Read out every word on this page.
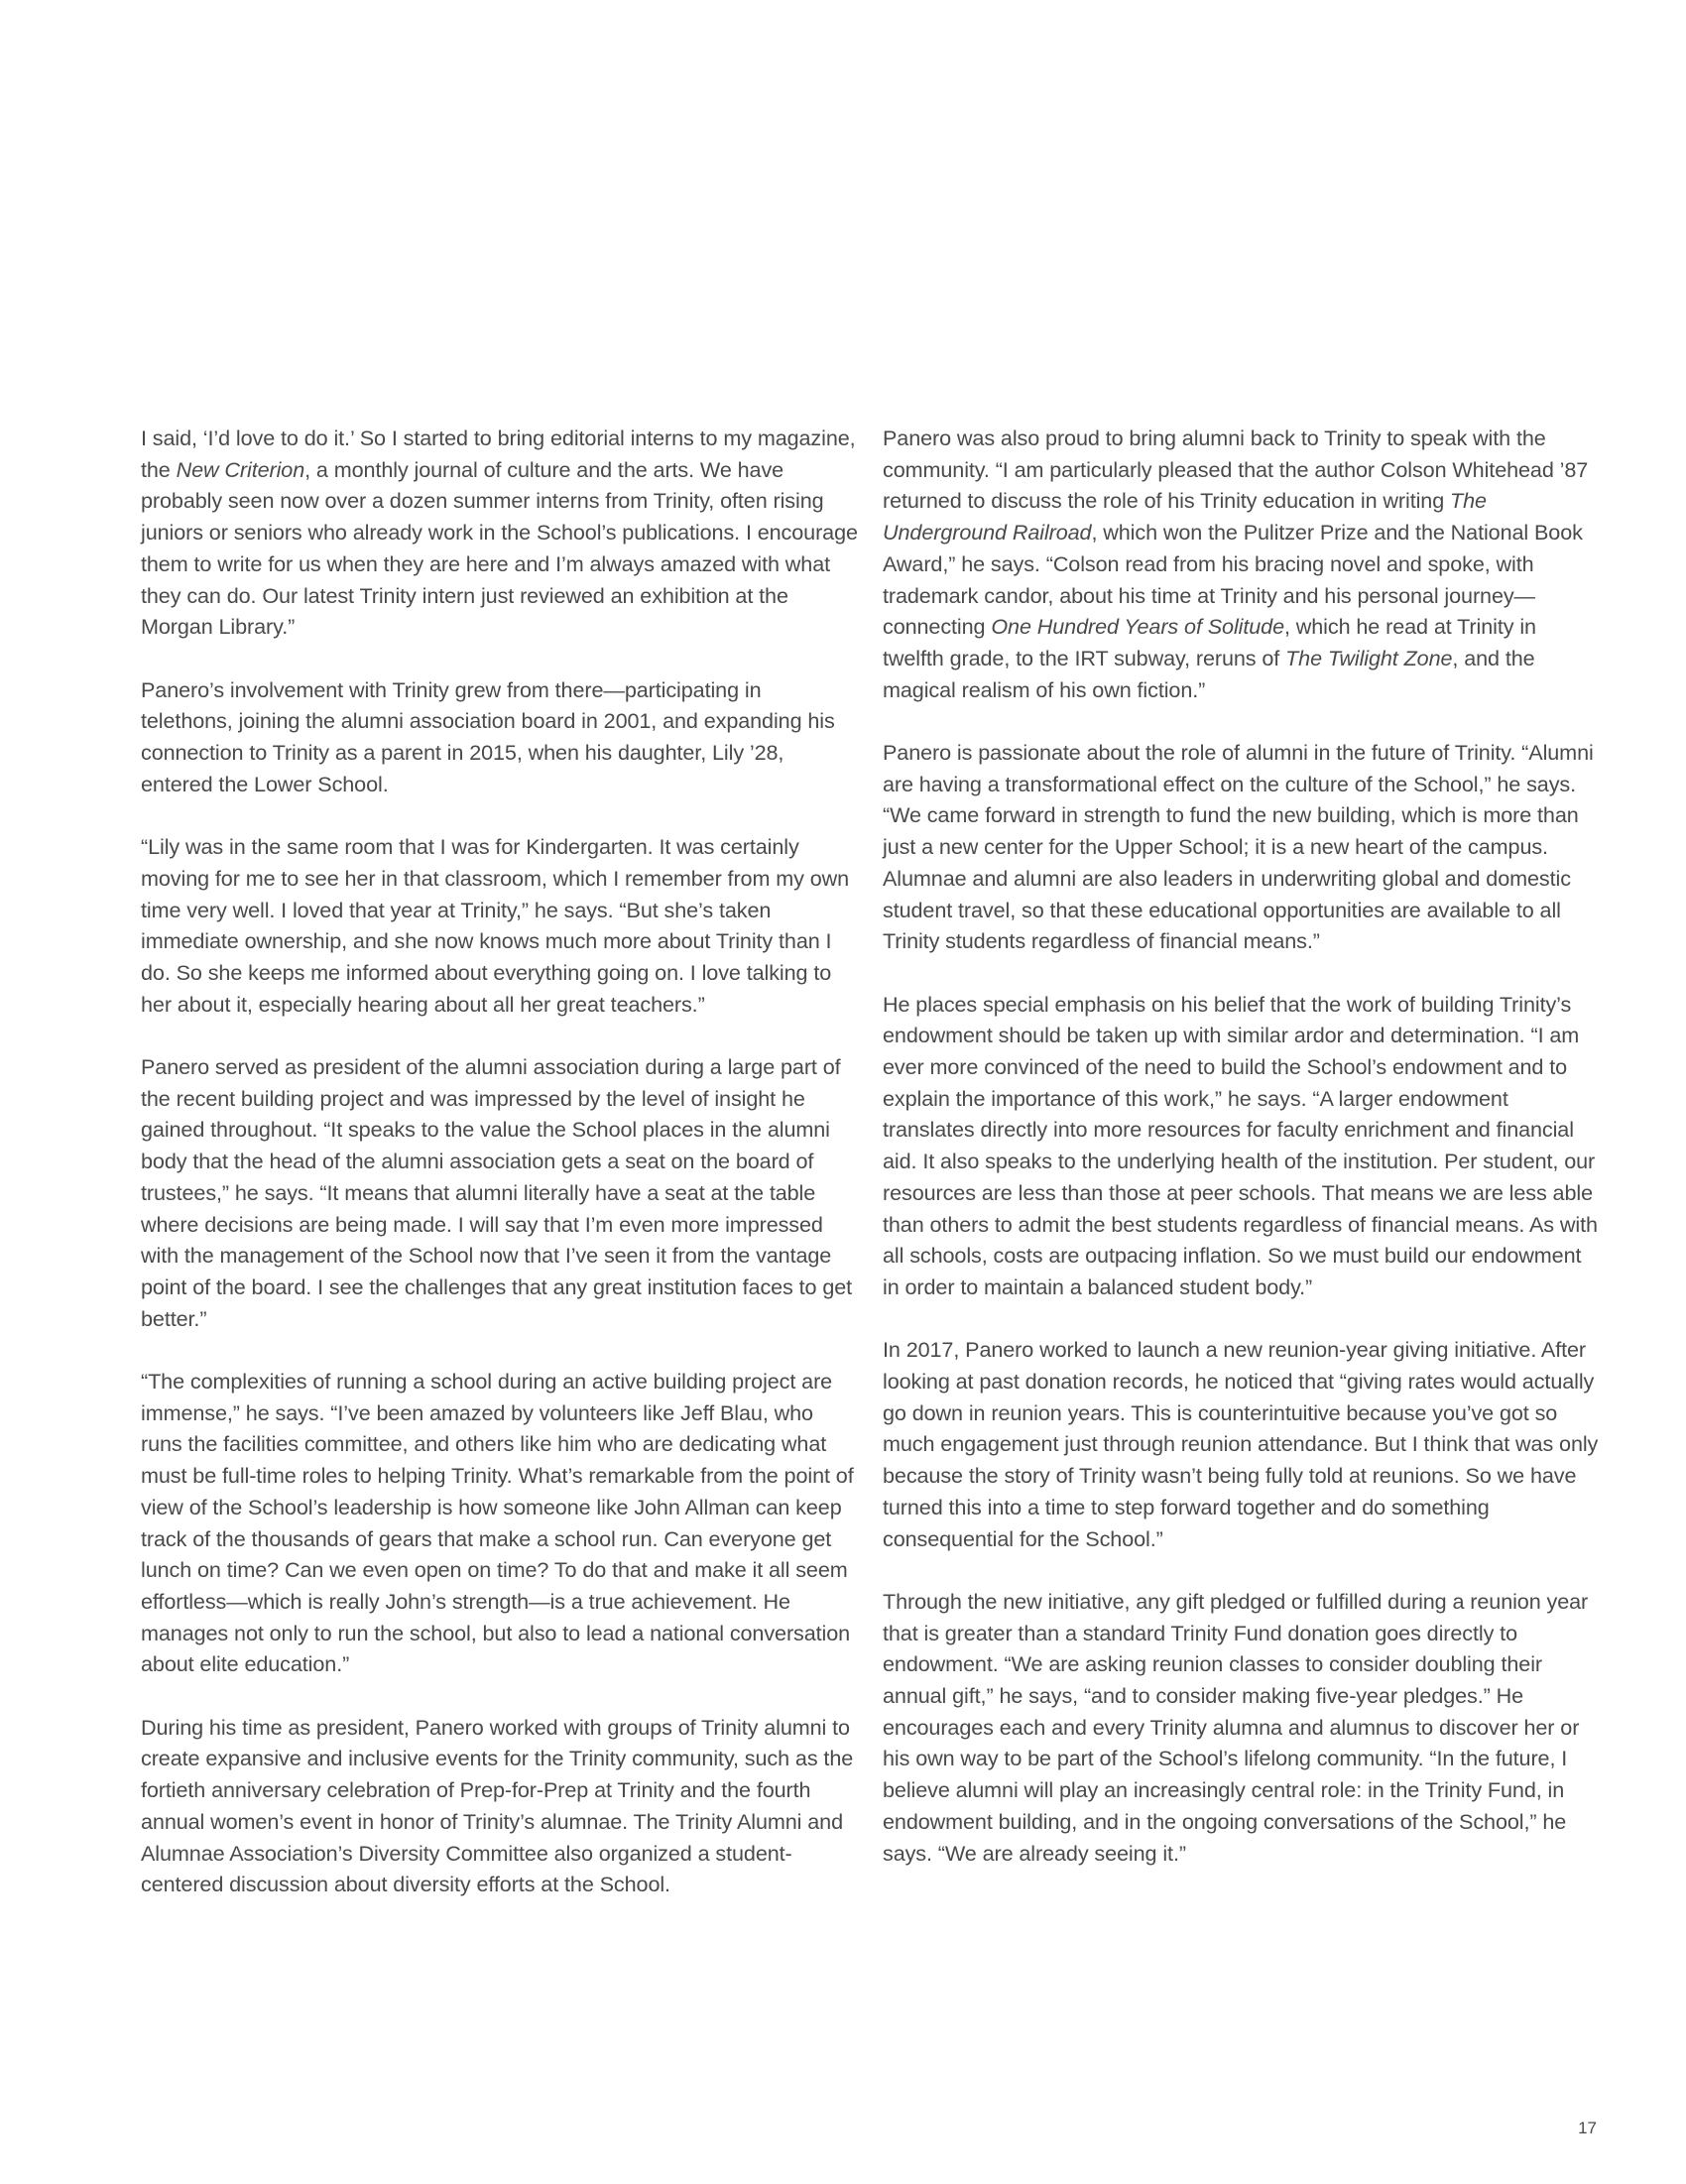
I said, ‘I’d love to do it.’ So I started to bring editorial interns to my magazine, the New Criterion, a monthly journal of culture and the arts. We have probably seen now over a dozen summer interns from Trinity, often rising juniors or seniors who already work in the School’s publications. I encourage them to write for us when they are here and I’m always amazed with what they can do. Our latest Trinity intern just reviewed an exhibition at the Morgan Library.”

Panero’s involvement with Trinity grew from there—participating in telethons, joining the alumni association board in 2001, and expanding his connection to Trinity as a parent in 2015, when his daughter, Lily ’28, entered the Lower School.

“Lily was in the same room that I was for Kindergarten. It was certainly moving for me to see her in that classroom, which I remember from my own time very well. I loved that year at Trinity,” he says. “But she’s taken immediate ownership, and she now knows much more about Trinity than I do. So she keeps me informed about everything going on. I love talking to her about it, especially hearing about all her great teachers.”

Panero served as president of the alumni association during a large part of the recent building project and was impressed by the level of insight he gained throughout. “It speaks to the value the School places in the alumni body that the head of the alumni association gets a seat on the board of trustees,” he says. “It means that alumni literally have a seat at the table where decisions are being made. I will say that I’m even more impressed with the management of the School now that I’ve seen it from the vantage point of the board. I see the challenges that any great institution faces to get better.”

“The complexities of running a school during an active building project are immense,” he says. “I’ve been amazed by volunteers like Jeff Blau, who runs the facilities committee, and others like him who are dedicating what must be full-time roles to helping Trinity. What’s remarkable from the point of view of the School’s leadership is how someone like John Allman can keep track of the thousands of gears that make a school run. Can everyone get lunch on time? Can we even open on time? To do that and make it all seem effortless—which is really John’s strength—is a true achievement. He manages not only to run the school, but also to lead a national conversation about elite education.”

During his time as president, Panero worked with groups of Trinity alumni to create expansive and inclusive events for the Trinity community, such as the fortieth anniversary celebration of Prep-for-Prep at Trinity and the fourth annual women’s event in honor of Trinity’s alumnae. The Trinity Alumni and Alumnae Association’s Diversity Committee also organized a student-centered discussion about diversity efforts at the School.

Panero was also proud to bring alumni back to Trinity to speak with the community. “I am particularly pleased that the author Colson Whitehead ’87 returned to discuss the role of his Trinity education in writing The Underground Railroad, which won the Pulitzer Prize and the National Book Award,” he says. “Colson read from his bracing novel and spoke, with trademark candor, about his time at Trinity and his personal journey—connecting One Hundred Years of Solitude, which he read at Trinity in twelfth grade, to the IRT subway, reruns of The Twilight Zone, and the magical realism of his own fiction.”

Panero is passionate about the role of alumni in the future of Trinity. “Alumni are having a transformational effect on the culture of the School,” he says. “We came forward in strength to fund the new building, which is more than just a new center for the Upper School; it is a new heart of the campus. Alumnae and alumni are also leaders in underwriting global and domestic student travel, so that these educational opportunities are available to all Trinity students regardless of financial means.”

He places special emphasis on his belief that the work of building Trinity’s endowment should be taken up with similar ardor and determination. “I am ever more convinced of the need to build the School’s endowment and to explain the importance of this work,” he says. “A larger endowment translates directly into more resources for faculty enrichment and financial aid. It also speaks to the underlying health of the institution. Per student, our resources are less than those at peer schools. That means we are less able than others to admit the best students regardless of financial means. As with all schools, costs are outpacing inflation. So we must build our endowment in order to maintain a balanced student body.”

In 2017, Panero worked to launch a new reunion-year giving initiative. After looking at past donation records, he noticed that “giving rates would actually go down in reunion years. This is counterintuitive because you’ve got so much engagement just through reunion attendance. But I think that was only because the story of Trinity wasn’t being fully told at reunions. So we have turned this into a time to step forward together and do something consequential for the School.”

Through the new initiative, any gift pledged or fulfilled during a reunion year that is greater than a standard Trinity Fund donation goes directly to endowment. “We are asking reunion classes to consider doubling their annual gift,” he says, “and to consider making five-year pledges.” He encourages each and every Trinity alumna and alumnus to discover her or his own way to be part of the School’s lifelong community. “In the future, I believe alumni will play an increasingly central role: in the Trinity Fund, in endowment building, and in the ongoing conversations of the School,” he says. “We are already seeing it.”

17
